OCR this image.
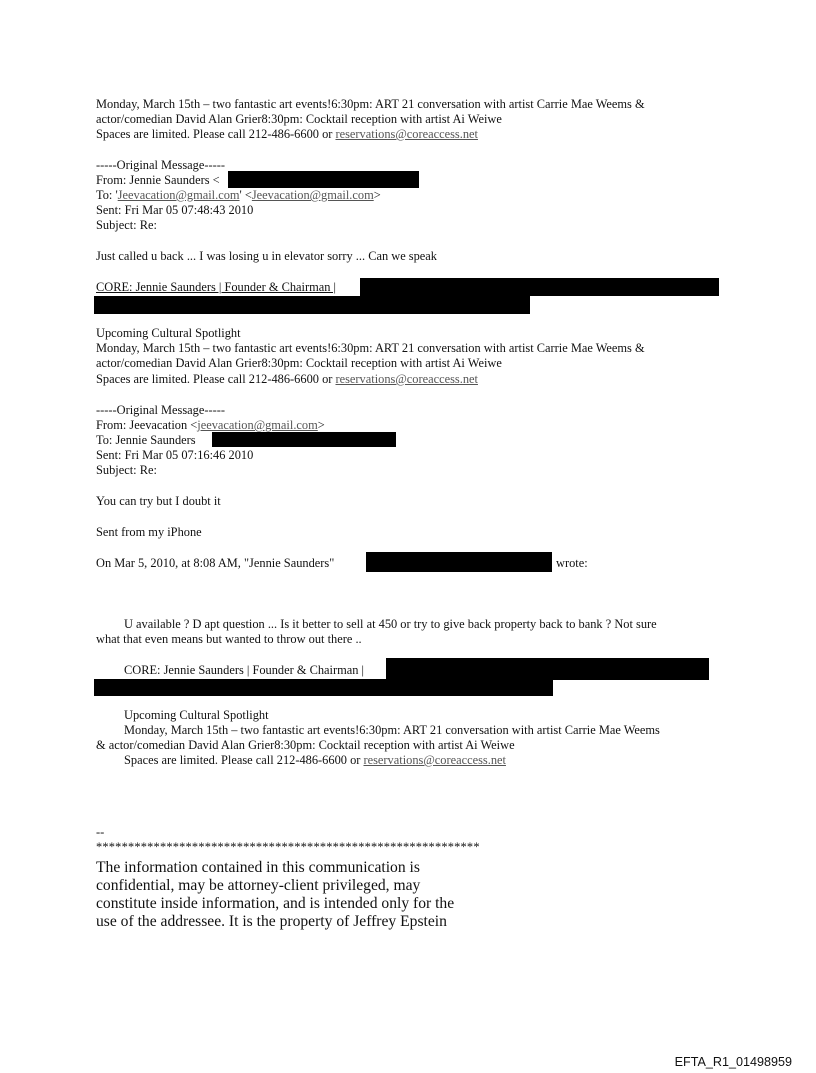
Monday, March 15th – two fantastic art events!6:30pm: ART 21 conversation with artist Carrie Mae Weems &
actor/comedian David Alan Grier8:30pm: Cocktail reception with artist Ai Weiwe
Spaces are limited. Please call 212-486-6600 or reservations@coreaccess.net
-----Original Message-----
From: Jennie Saunders <
To: 'Jeevacation@gmail.com' <Jeevacation@gmail.com>
Sent: Fri Mar 05 07:48:43 2010
Subject: Re:
Just called u back ... I was losing u in elevator sorry ... Can we speak
CORE: Jennie Saunders | Founder & Chairman |
Upcoming Cultural Spotlight
Monday, March 15th – two fantastic art events!6:30pm: ART 21 conversation with artist Carrie Mae Weems &
actor/comedian David Alan Grier8:30pm: Cocktail reception with artist Ai Weiwe
Spaces are limited. Please call 212-486-6600 or reservations@coreaccess.net
-----Original Message-----
From: Jeevacation <jeevacation@gmail.com>
To: Jennie Saunders
Sent: Fri Mar 05 07:16:46 2010
Subject: Re:
You can try but I doubt it
Sent from my iPhone
On Mar 5, 2010, at 8:08 AM, "Jennie Saunders"	wrote:
U available ? D apt question ... Is it better to sell at 450 or try to give back property back to bank ? Not sure
what that even means but wanted to throw out there ..
CORE: Jennie Saunders | Founder & Chairman |
Upcoming Cultural Spotlight
Monday, March 15th – two fantastic art events!6:30pm: ART 21 conversation with artist Carrie Mae Weems
& actor/comedian David Alan Grier8:30pm: Cocktail reception with artist Ai Weiwe
Spaces are limited. Please call 212-486-6600 or reservations@coreaccess.net
--
************************************************************
The information contained in this communication is confidential, may be attorney-client privileged, may constitute inside information, and is intended only for the use of the addressee. It is the property of Jeffrey Epstein
EFTA_R1_01498959
